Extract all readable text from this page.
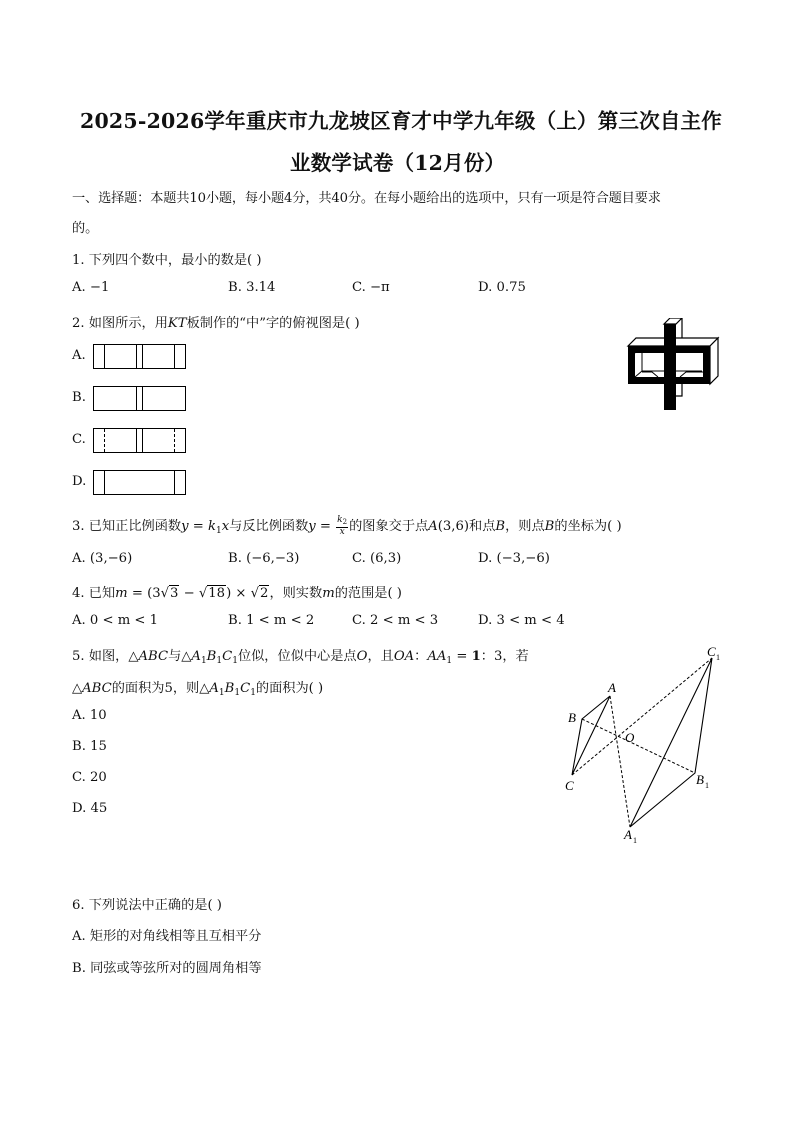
2025-2026学年重庆市九龙坡区育才中学九年级（上）第三次自主作
业数学试卷（12月份）
一、选择题：本题共10小题，每小题4分，共40分。在每小题给出的选项中，只有一项是符合题目要求
的。
1. 下列四个数中，最小的数是( )
A. −1	B. 3.14	C. −π	D. 0.75
2. 如图所示，用KT板制作的“中”字的俯视图是( )
A.
B.
C.
D.
3. 已知正比例函数$y = k_1x$与反比例函数$y = \frac{k_2}{x}$ 的图象交于点A(3,6)和点B，则点B的坐标为( )
A. (3,−6)	B. (−6,−3)	C. (6,3)	D. (−3,−6)
4. 已知m = (3√3 − √18) × √2，则实数m的范围是( )
A. 0 < m < 1	B. 1 < m < 2	C. 2 < m < 3	D. 3 < m < 4
5. 如图，△ABC与$\triangle A_1B_1C_1$位似，位似中心是点O，且OA：$AA_1 = 1$：3，若
△ABC的面积为5，则$\triangle A_1B_1C_1$的面积为( )
A. 10
B. 15
C. 20
D. 45
A
B
C
O
A
B
C
1
1
1
6. 下列说法中正确的是( )
A. 矩形的对角线相等且互相平分
B. 同弦或等弦所对的圆周角相等
